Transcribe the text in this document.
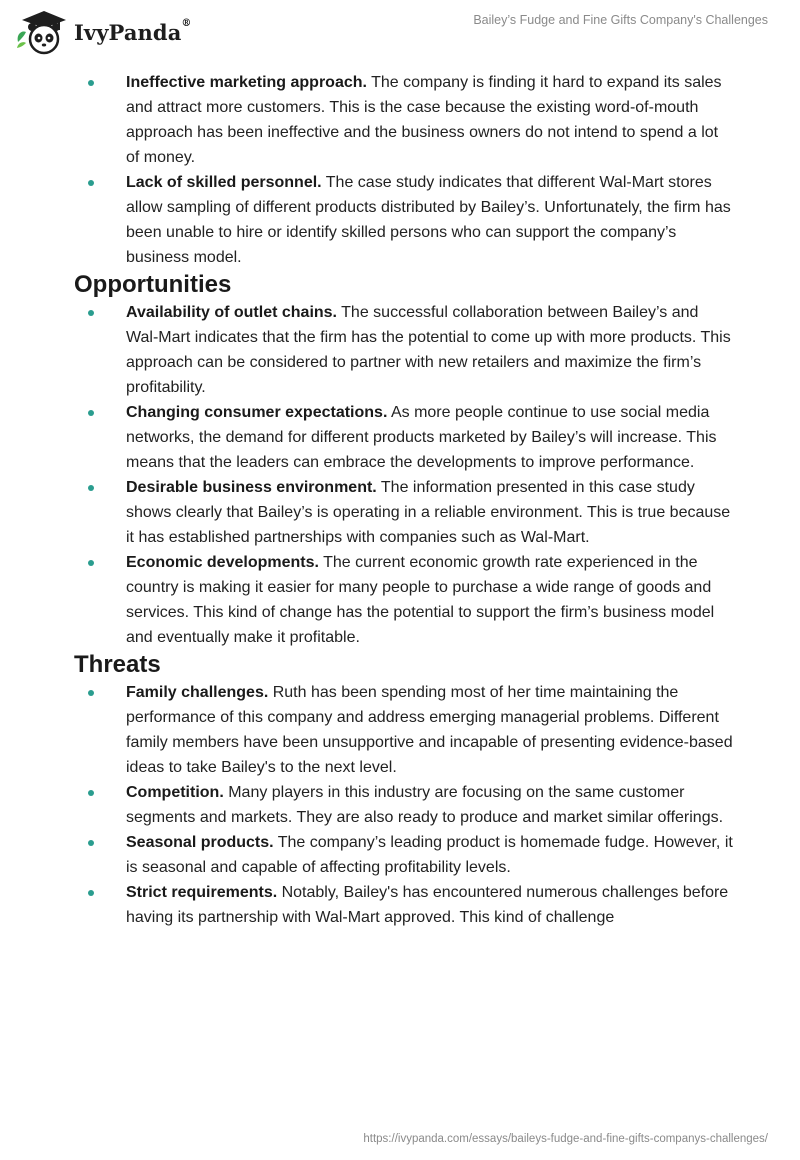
IvyPanda®	Bailey’s Fudge and Fine Gifts Company's Challenges
Ineffective marketing approach. The company is finding it hard to expand its sales and attract more customers. This is the case because the existing word-of-mouth approach has been ineffective and the business owners do not intend to spend a lot of money.
Lack of skilled personnel. The case study indicates that different Wal-Mart stores allow sampling of different products distributed by Bailey’s. Unfortunately, the firm has been unable to hire or identify skilled persons who can support the company’s business model.
Opportunities
Availability of outlet chains. The successful collaboration between Bailey’s and Wal-Mart indicates that the firm has the potential to come up with more products. This approach can be considered to partner with new retailers and maximize the firm’s profitability.
Changing consumer expectations. As more people continue to use social media networks, the demand for different products marketed by Bailey’s will increase. This means that the leaders can embrace the developments to improve performance.
Desirable business environment. The information presented in this case study shows clearly that Bailey’s is operating in a reliable environment. This is true because it has established partnerships with companies such as Wal-Mart.
Economic developments. The current economic growth rate experienced in the country is making it easier for many people to purchase a wide range of goods and services. This kind of change has the potential to support the firm’s business model and eventually make it profitable.
Threats
Family challenges. Ruth has been spending most of her time maintaining the performance of this company and address emerging managerial problems. Different family members have been unsupportive and incapable of presenting evidence-based ideas to take Bailey's to the next level.
Competition. Many players in this industry are focusing on the same customer segments and markets. They are also ready to produce and market similar offerings.
Seasonal products. The company’s leading product is homemade fudge. However, it is seasonal and capable of affecting profitability levels.
Strict requirements. Notably, Bailey's has encountered numerous challenges before having its partnership with Wal-Mart approved. This kind of challenge
https://ivypanda.com/essays/baileys-fudge-and-fine-gifts-companys-challenges/
